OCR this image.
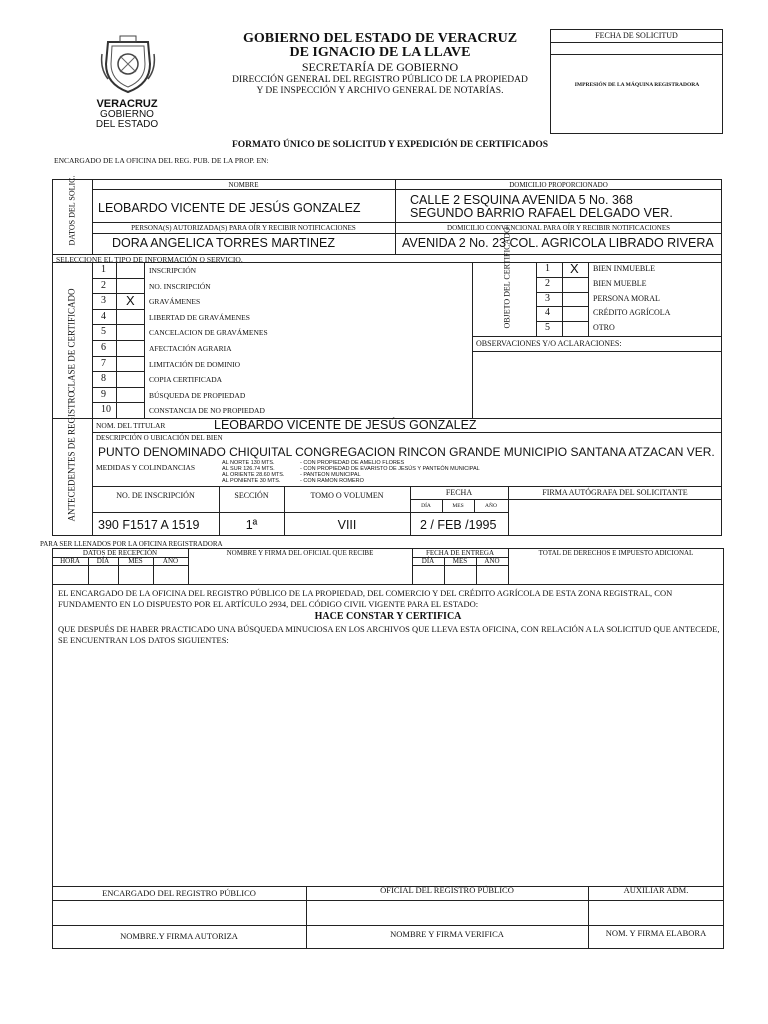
VERACRUZ
GOBIERNO
DEL ESTADO
GOBIERNO DEL ESTADO DE VERACRUZ
DE IGNACIO DE LA LLAVE
SECRETARÍA DE GOBIERNO
DIRECCIÓN GENERAL DEL REGISTRO PÚBLICO DE LA PROPIEDAD
Y DE INSPECCIÓN Y ARCHIVO GENERAL DE NOTARÍAS.
FECHA DE SOLICITUD
IMPRESIÓN DE LA MÁQUINA REGISTRADORA
FORMATO ÚNICO DE SOLICITUD Y EXPEDICIÓN DE CERTIFICADOS
ENCARGADO DE LA OFICINA DEL REG. PUB. DE LA PROP. EN:
DATOS DEL SOLIC.	NOMBRE	DOMICILIO PROPORCIONADO
LEOBARDO VICENTE DE JESÚS GONZALEZ
CALLE 2 ESQUINA AVENIDA 5 No. 368
SEGUNDO BARRIO RAFAEL DELGADO VER.
PERSONA(S) AUTORIZADA(S) PARA OÍR Y RECIBIR NOTIFICACIONES	DOMICILIO CONVENCIONAL PARA OÍR Y RECIBIR NOTIFICACIONES
DORA ANGELICA TORRES MARTINEZ	AVENIDA 2 No. 23 COL. AGRICOLA LIBRADO RIVERA
SELECCIONE EL TIPO DE INFORMACIÓN O SERVICIO.
CLASE DE CERTIFICADO
1	INSCRIPCIÓN
2	NO. INSCRIPCIÓN
3 X GRAVÁMENES
4	LIBERTAD DE GRAVÁMENES
5	CANCELACION DE GRAVÁMENES
6	AFECTACIÓN AGRARIA
7	LIMITACIÓN DE DOMINIO
8	COPIA CERTIFICADA
9	BÚSQUEDA DE PROPIEDAD
10	CONSTANCIA DE NO PROPIEDAD
OBJETO DEL CERTIFICADO	1 X BIEN INMUEBLE
2	BIEN MUEBLE
3	PERSONA MORAL
4	CRÉDITO AGRÍCOLA
5	OTRO
OBSERVACIONES Y/O ACLARACIONES:
ANTECEDENTES DE REGISTRO	NOM. DEL TITULAR	LEOBARDO VICENTE DE JESÚS GONZALEZ
DESCRIPCIÓN O UBICACIÓN DEL BIEN
PUNTO DENOMINADO CHIQUITAL CONGREGACION RINCON GRANDE MUNICIPIO SANTANA ATZACAN VER.
MEDIDAS Y COLINDANCIAS	AL NORTE 130 MTS.	- CON PROPIEDAD DE AMELIO FLORES
AL SUR 126.74 MTS.	- CON PROPIEDAD DE EVARISTO DE JESÚS Y PANTEÓN MUNICIPAL
AL ORIENTE 28.60 MTS.	- PANTEON MUNICIPAL
AL PONIENTE 30 MTS.	- CON RAMON ROMERO
NO. DE INSCRIPCIÓN	SECCIÓN	TOMO O VOLUMEN	FECHA
DÍA	MES	AÑO
FIRMA AUTÓGRAFA DEL SOLICITANTE
390 F1517 A 1519	1ª	VIII	2 / FEB /1995
PARA SER LLENADOS POR LA OFICINA REGISTRADORA
DATOS DE RECEPCIÓN
HORA	DÍA	MES	AÑO
NOMBRE Y FIRMA DEL OFICIAL QUE RECIBE	FECHA DE ENTREGA
DÍA	MES	AÑO
TOTAL DE DERECHOS E IMPUESTO ADICIONAL
EL ENCARGADO DE LA OFICINA DEL REGISTRO PÚBLICO DE LA PROPIEDAD, DEL COMERCIO Y DEL CRÉDITO AGRÍCOLA DE ESTA ZONA REGISTRAL, CON FUNDAMENTO EN LO DISPUESTO POR EL ARTÍCULO 2934, DEL CÓDIGO CIVIL VIGENTE PARA EL ESTADO:
HACE CONSTAR Y CERTIFICA
QUE DESPUÉS DE HABER PRACTICADO UNA BÚSQUEDA MINUCIOSA EN LOS ARCHIVOS QUE LLEVA ESTA OFICINA, CON RELACIÓN A LA SOLICITUD QUE ANTECEDE, SE ENCUENTRAN LOS DATOS SIGUIENTES:
ENCARGADO DEL REGISTRO PÚBLICO	OFICIAL DEL REGISTRO PÚBLICO	AUXILIAR ADM.
NOMBRE.Y FIRMA AUTORIZA	NOMBRE Y FIRMA VERIFICA	NOM. Y FIRMA ELABORA
